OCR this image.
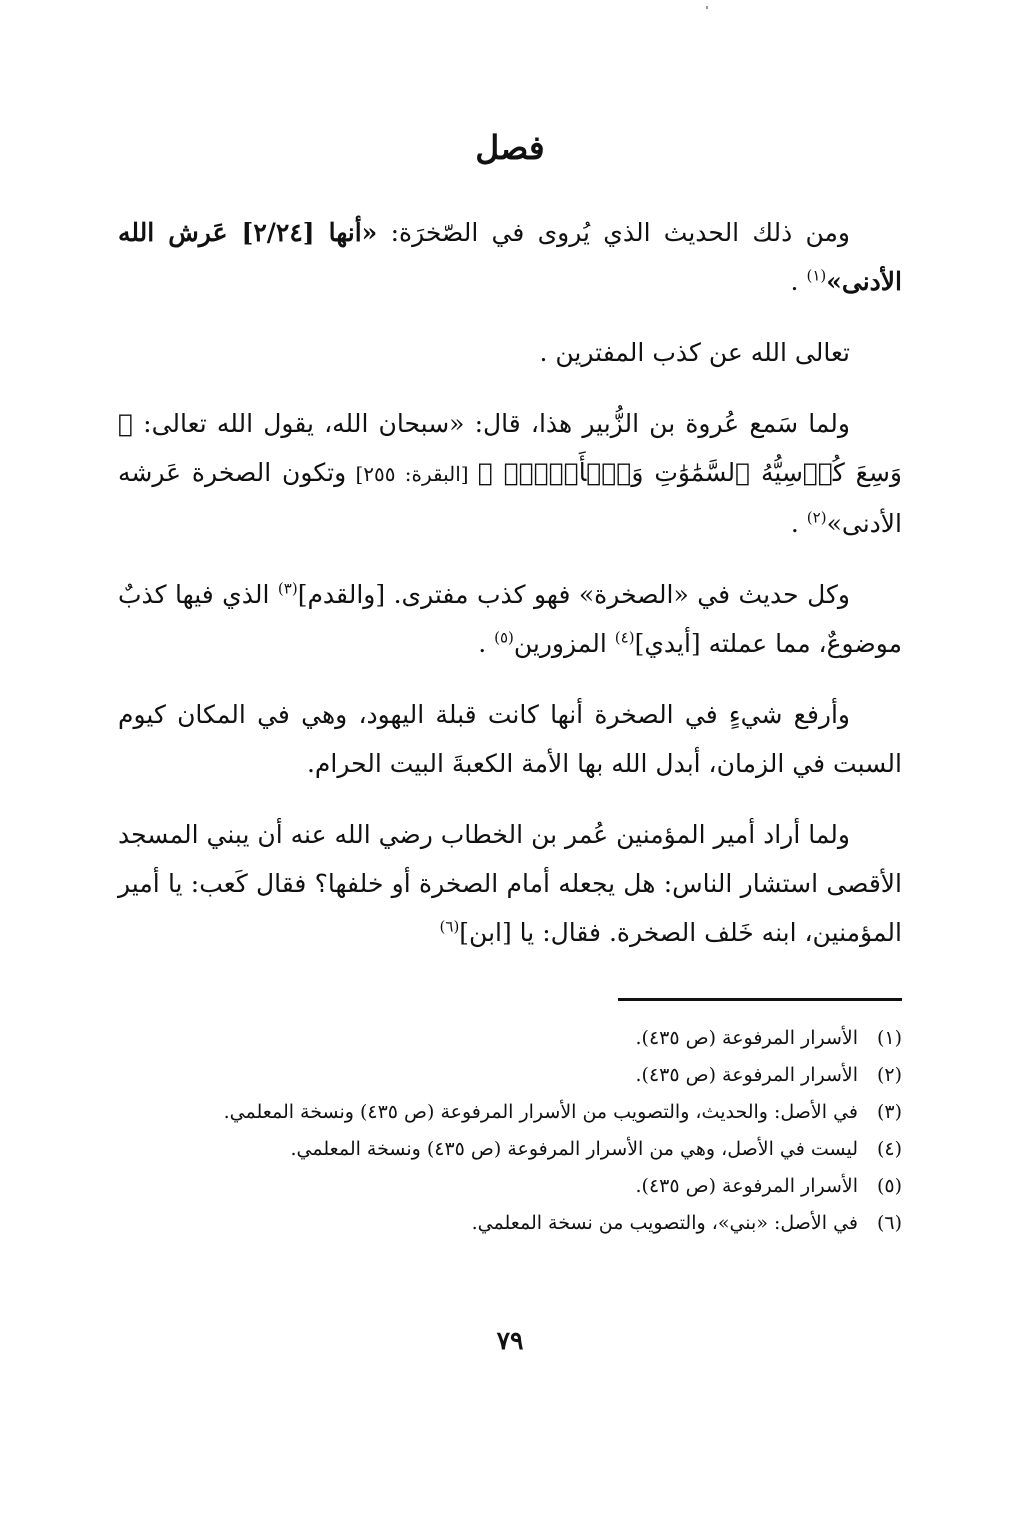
فصل

ومن ذلك الحديث الذي يُروى في الصّخرَة: «أنها [٢/٢٤] عَرش الله الأدنى»$^{(١)}$ .

تعالى الله عن كذب المفترين .

ولما سَمع عُروة بن الزُّبير هذا، قال: «سبحان الله، يقول الله تعالى: ﴿ وَسِعَ كُرۡسِيُّهُ ٱلسَّمَٰوَٰتِ وَٱلۡأَرۡضَۖ ﴾ [البقرة: ٢٥٥] وتكون الصخرة عَرشه الأدنى»$^{(٢)}$ .

وكل حديث في «الصخرة» فهو كذب مفترى. [والقدم]$^{(٣)}$ الذي فيها كذبٌ موضوعٌ، مما عملته [أيدي]$^{(٤)}$ المزورين$^{(٥)}$ .

وأرفع شيءٍ في الصخرة أنها كانت قبلة اليهود، وهي في المكان كيوم السبت في الزمان، أبدل الله بها الأمة الكعبةَ البيت الحرام.

ولما أراد أمير المؤمنين عُمر بن الخطاب رضي الله عنه أن يبني المسجد الأقصى استشار الناس: هل يجعله أمام الصخرة أو خلفها؟ فقال كَعب: يا أمير المؤمنين، ابنه خَلف الصخرة. فقال: يا [ابن]$^{(٦)}$

(١)
الأسرار المرفوعة (ص ٤٣٥).
(٢)
الأسرار المرفوعة (ص ٤٣٥).
(٣)
في الأصل: والحديث، والتصويب من الأسرار المرفوعة (ص ٤٣٥) ونسخة المعلمي.
(٤)
ليست في الأصل، وهي من الأسرار المرفوعة (ص ٤٣٥) ونسخة المعلمي.
(٥)
الأسرار المرفوعة (ص ٤٣٥).
(٦)
في الأصل: «بني»، والتصويب من نسخة المعلمي.
٧٩
